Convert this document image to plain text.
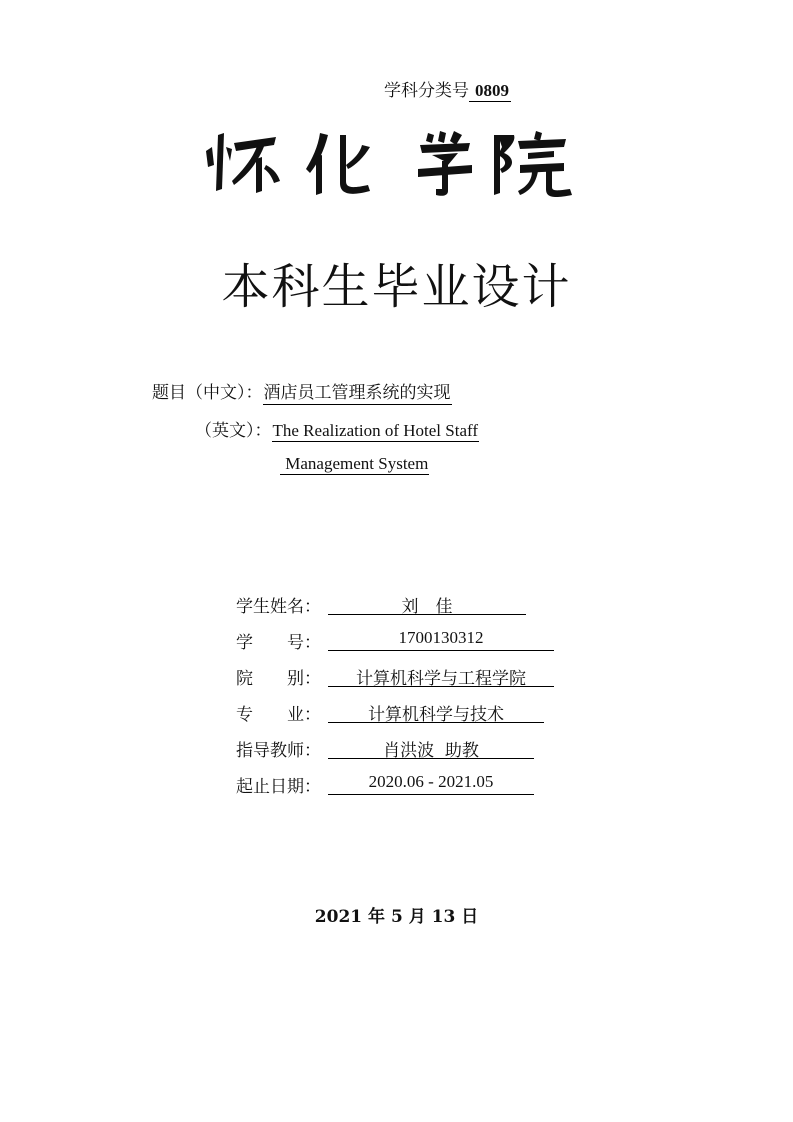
学科分类号 0809
本科生毕业设计
题目（中文）：酒店员工管理系统的实现
（英文）：The Realization of Hotel Staff
Management System
学生姓名：	刘　佳
学　　号：	1700130312
院　　别：	计算机科学与工程学院
专　　业：	计算机科学与技术
指导教师：	肖洪波  助教
起止日期：	2020.06 - 2021.05
2021 年 5 月 13 日
